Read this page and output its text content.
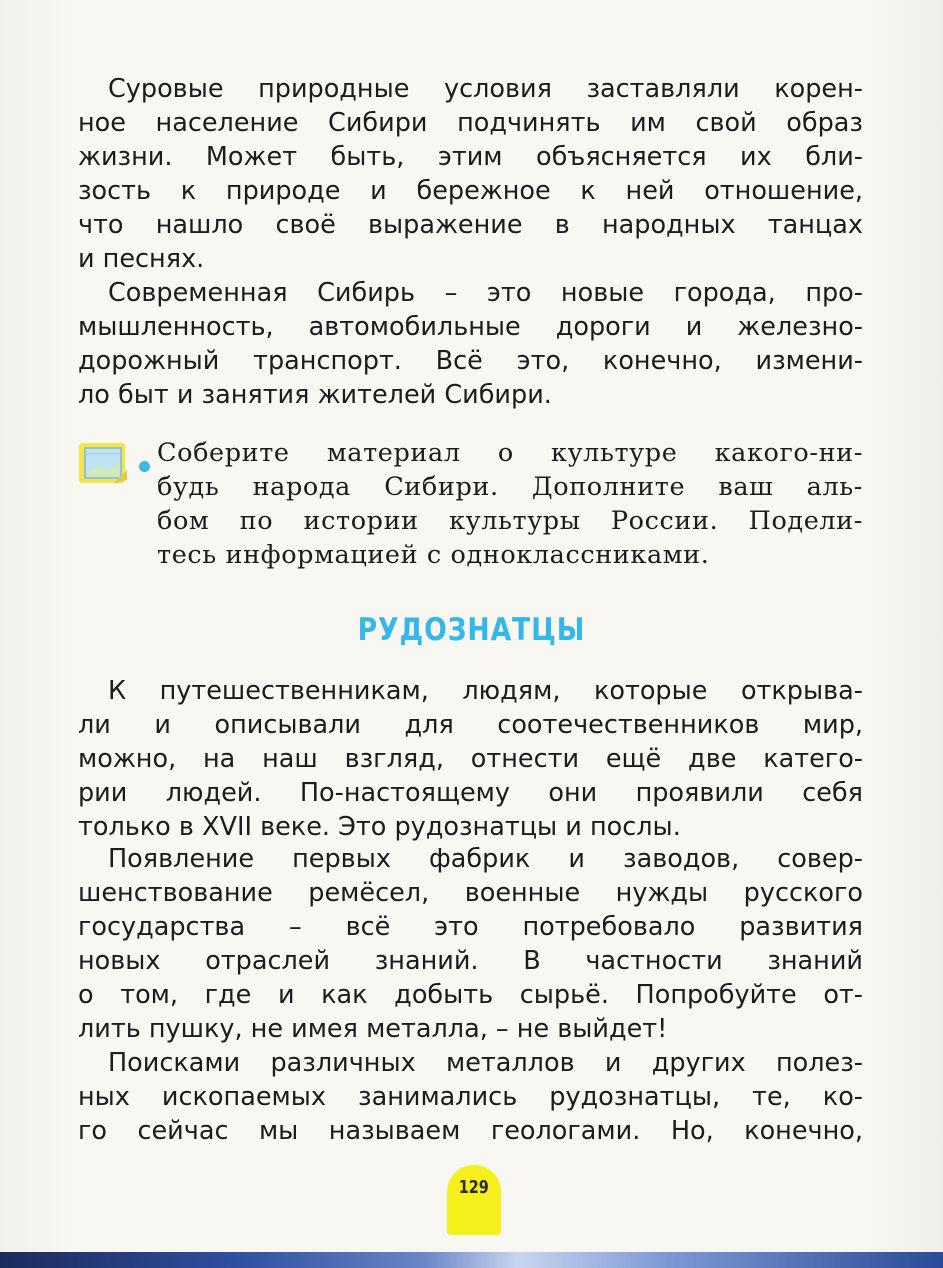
Суровые природные условия заставляли корен-
ное население Сибири подчинять им свой образ
жизни. Может быть, этим объясняется их бли-
зость к природе и бережное к ней отношение,
что нашло своё выражение в народных танцах
и песнях.
Современная Сибирь – это новые города, про-
мышленность, автомобильные дороги и железно-
дорожный транспорт. Всё это, конечно, измени-
ло быт и занятия жителей Сибири.
Соберите материал о культуре какого-ни-
будь народа Сибири. Дополните ваш аль-
бом по истории культуры России. Подели-
тесь информацией с одноклассниками.
РУДОЗНАТЦЫ
К путешественникам, людям, которые открыва-
ли и описывали для соотечественников мир,
можно, на наш взгляд, отнести ещё две катего-
рии людей. По-настоящему они проявили себя
только в XVII веке. Это рудознатцы и послы.
Появление первых фабрик и заводов, совер-
шенствование ремёсел, военные нужды русского
государства – всё это потребовало развития
новых отраслей знаний. В частности знаний
о том, где и как добыть сырьё. Попробуйте от-
лить пушку, не имея металла, – не выйдет!
Поисками различных металлов и других полез-
ных ископаемых занимались рудознатцы, те, ко-
го сейчас мы называем геологами. Но, конечно,
129
